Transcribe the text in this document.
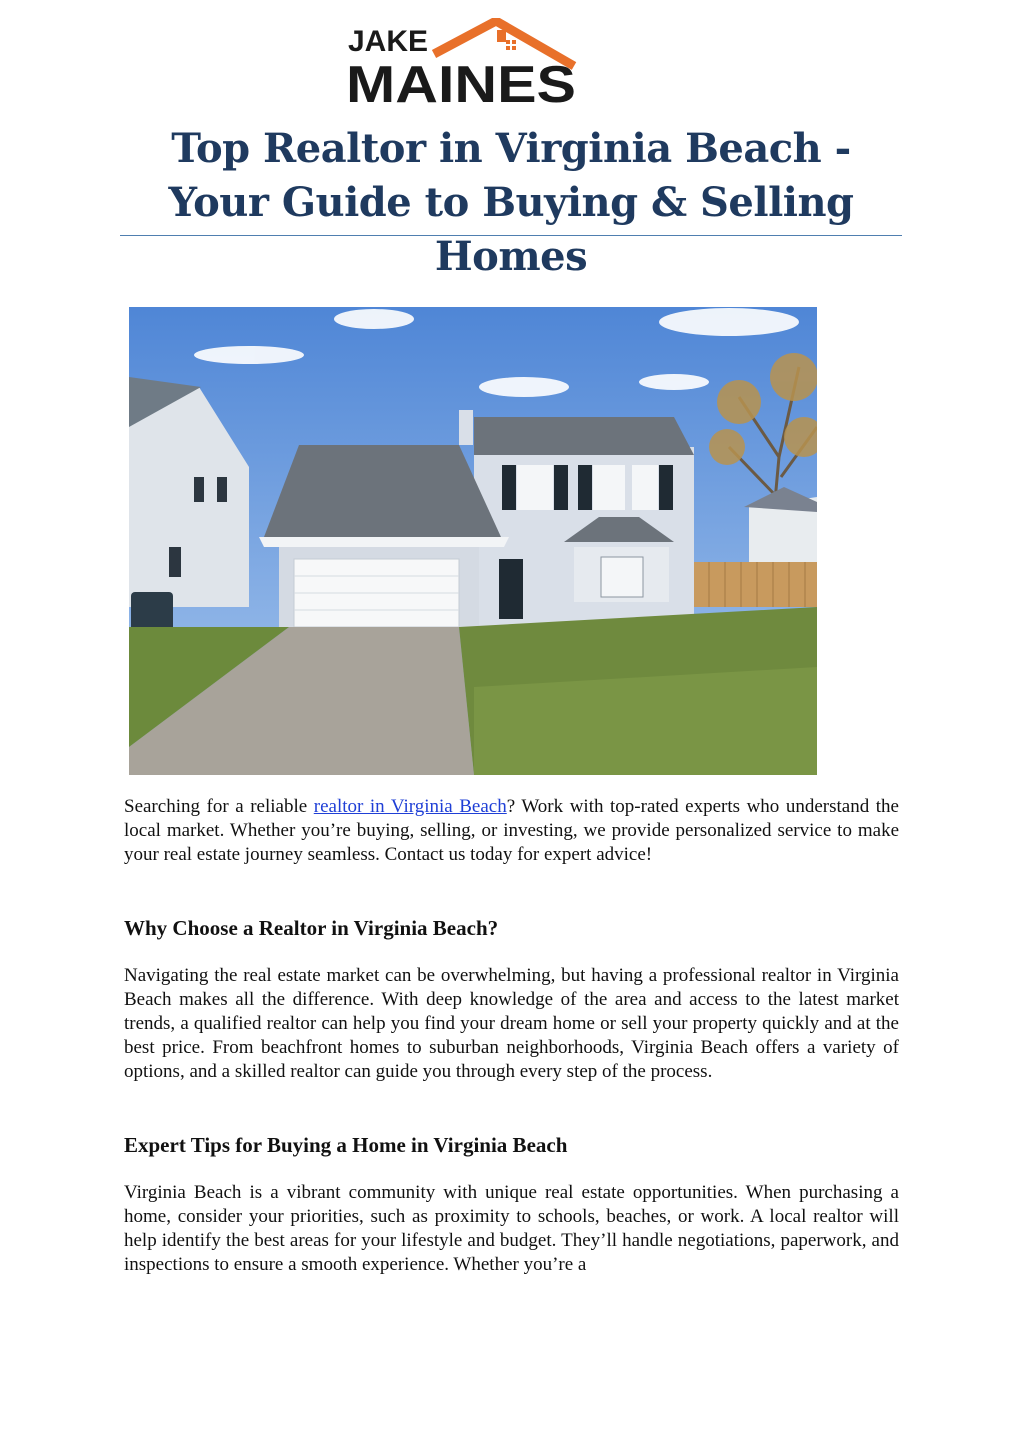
JAKE
MAINES
Top Realtor in Virginia Beach - Your Guide to Buying & Selling Homes

Searching for a reliable realtor in Virginia Beach? Work with top-rated experts who understand the local market. Whether you’re buying, selling, or investing, we provide personalized service to make your real estate journey seamless. Contact us today for expert advice!

Why Choose a Realtor in Virginia Beach?

Navigating the real estate market can be overwhelming, but having a professional realtor in Virginia Beach makes all the difference. With deep knowledge of the area and access to the latest market trends, a qualified realtor can help you find your dream home or sell your property quickly and at the best price. From beachfront homes to suburban neighborhoods, Virginia Beach offers a variety of options, and a skilled realtor can guide you through every step of the process.

Expert Tips for Buying a Home in Virginia Beach

Virginia Beach is a vibrant community with unique real estate opportunities. When purchasing a home, consider your priorities, such as proximity to schools, beaches, or work. A local realtor will help identify the best areas for your lifestyle and budget. They’ll handle negotiations, paperwork, and inspections to ensure a smooth experience. Whether you’re a
